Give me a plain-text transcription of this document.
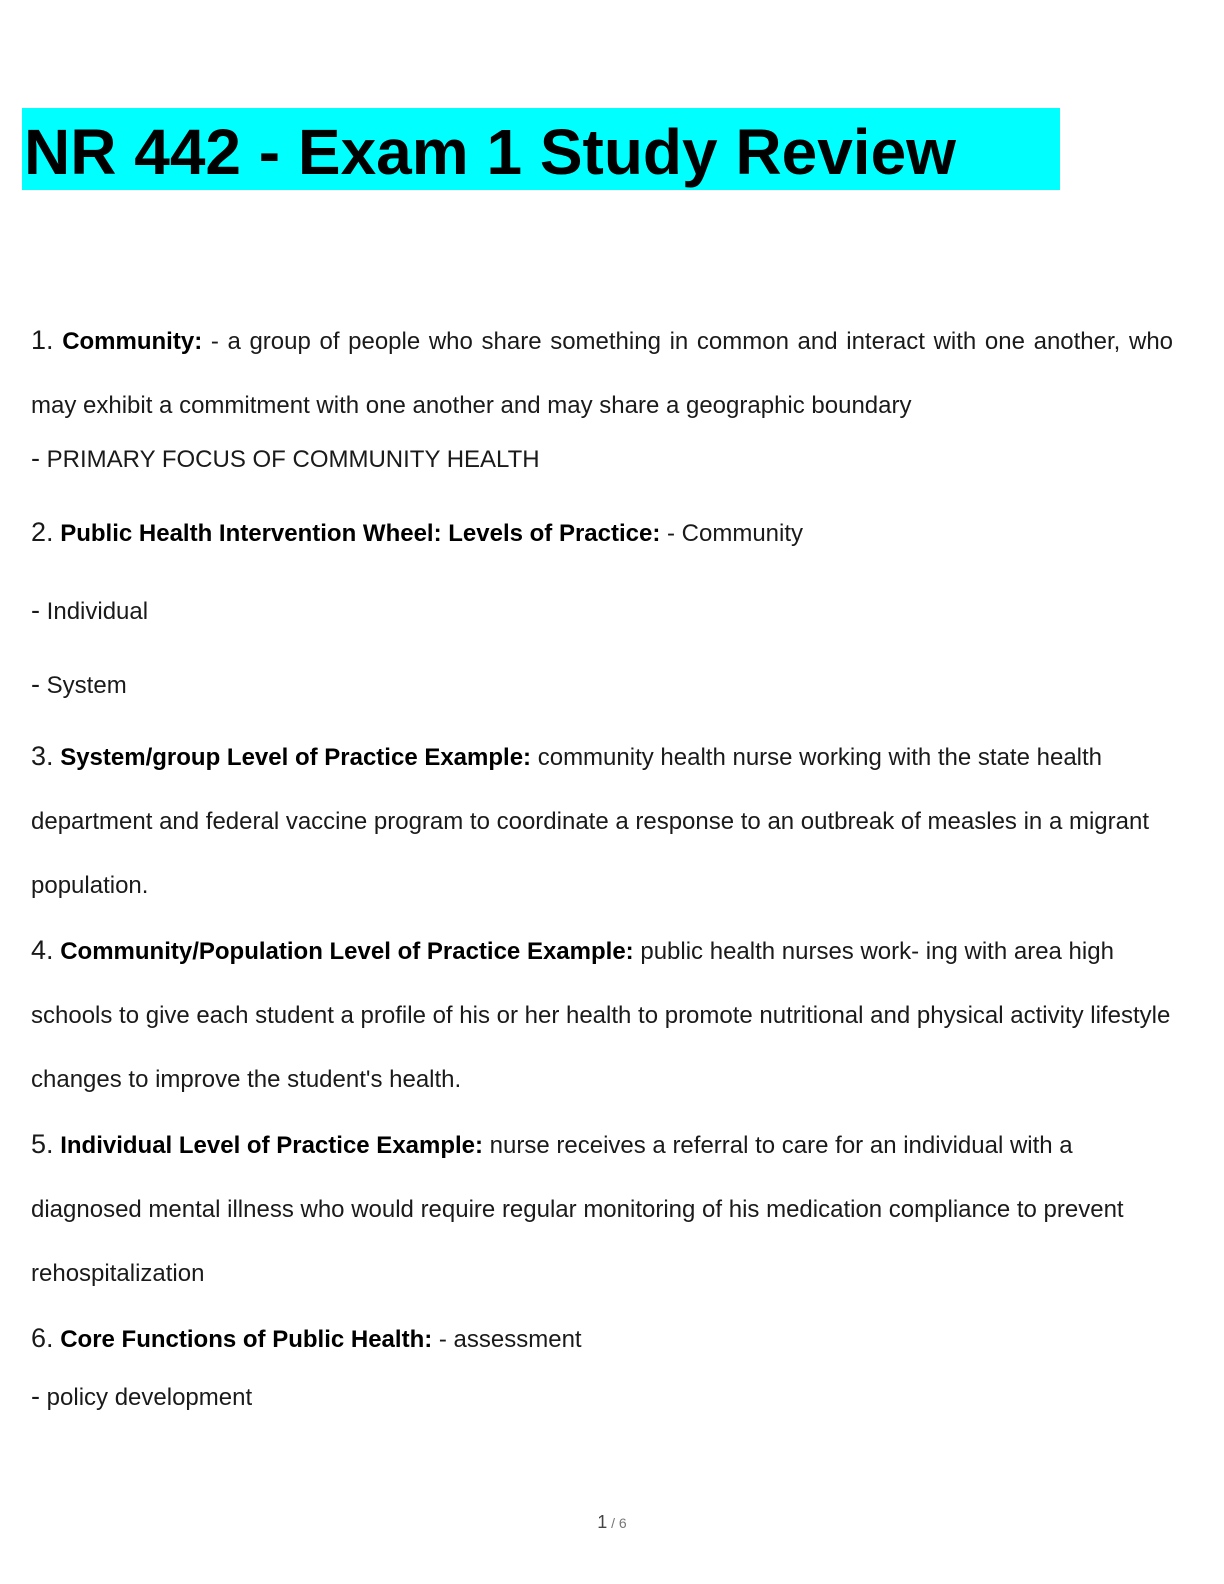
NR 442 - Exam 1 Study Review

1. Community: - a group of people who share something in common and interact with one another, who may exhibit a commitment with one another and may share a geographic boundary

- PRIMARY FOCUS OF COMMUNITY HEALTH

2. Public Health Intervention Wheel: Levels of Practice: - Community

- Individual

- System

3. System/group Level of Practice Example: community health nurse working with the state health department and federal vaccine program to coordinate a response to an outbreak of measles in a migrant population.

4. Community/Population Level of Practice Example: public health nurses work- ing with area high schools to give each student a profile of his or her health to promote nutritional and physical activity lifestyle changes to improve the student's health.

5. Individual Level of Practice Example: nurse receives a referral to care for an individual with a diagnosed mental illness who would require regular monitoring of his medication compliance to prevent rehospitalization

6. Core Functions of Public Health: - assessment

- policy development

1 / 6
